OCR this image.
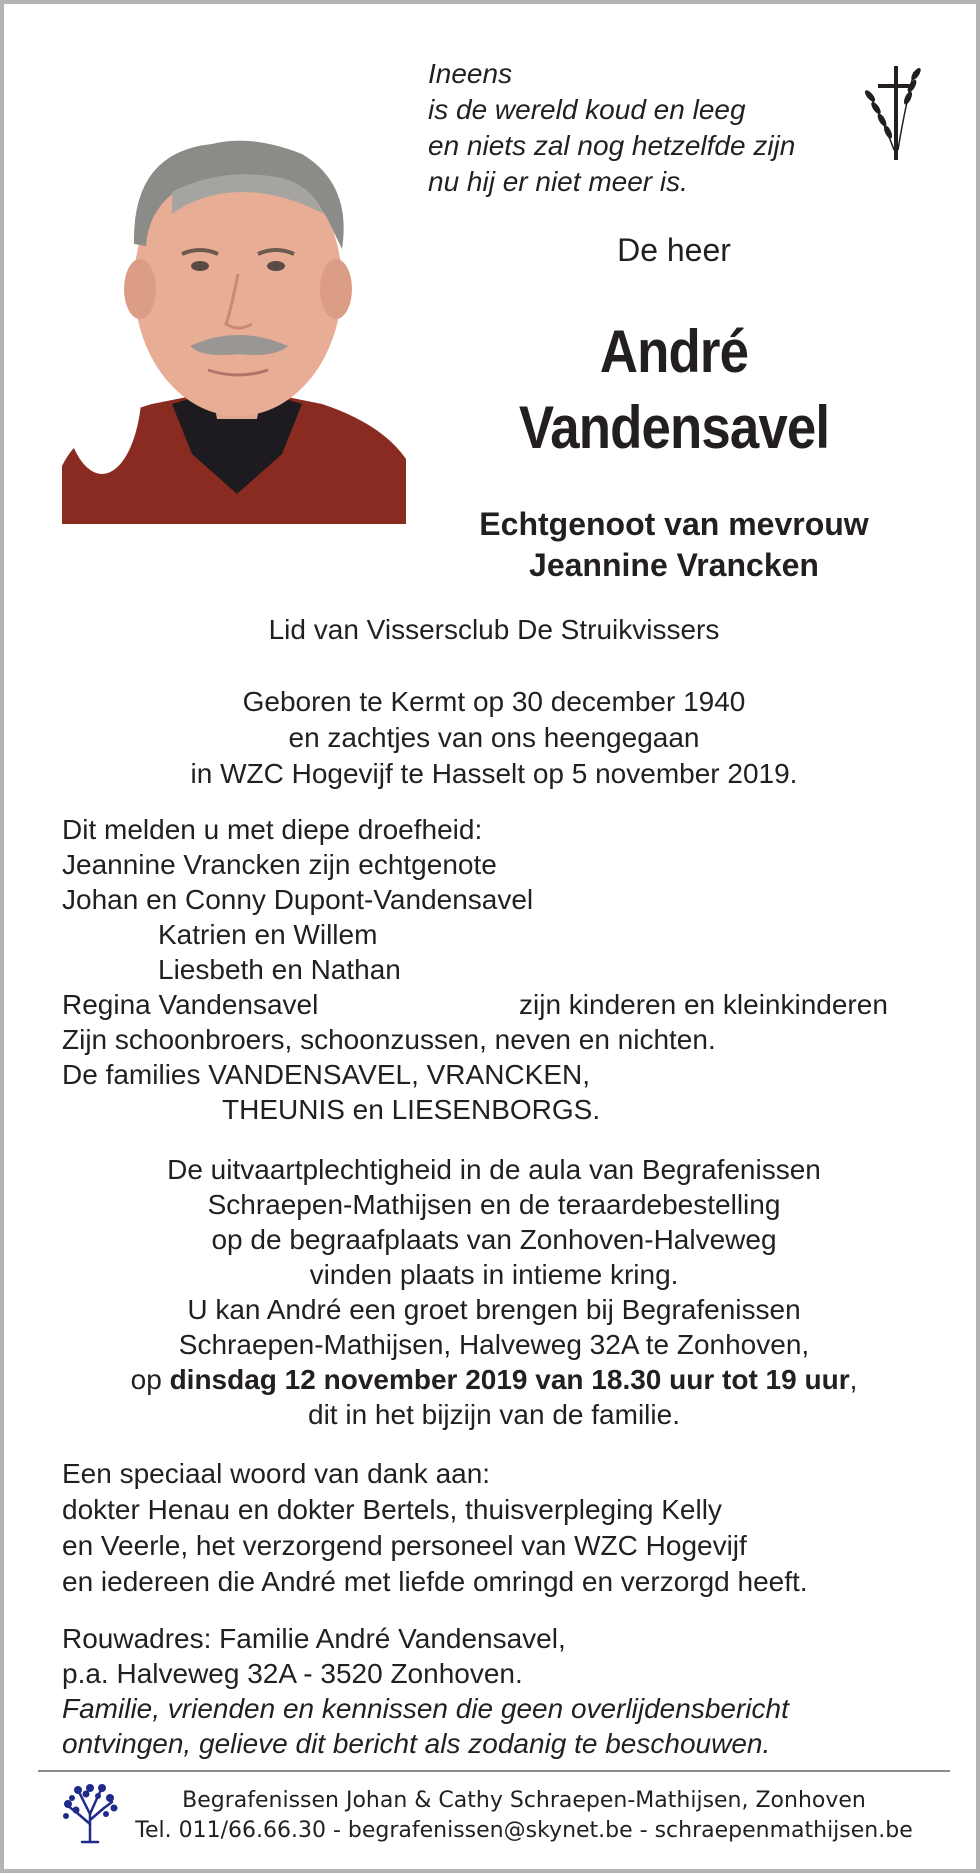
Ineens
is de wereld koud en leeg
en niets zal nog hetzelfde zijn
nu hij er niet meer is.
De heer
André
Vandensavel
Echtgenoot van mevrouw
Jeannine Vrancken
Lid van Vissersclub De Struikvissers
Geboren te Kermt op 30 december 1940
en zachtjes van ons heengegaan
in WZC Hogevijf te Hasselt op 5 november 2019.
Dit melden u met diepe droefheid:
Jeannine Vrancken zijn echtgenote
Johan en Conny Dupont-Vandensavel
Katrien en Willem
Liesbeth en Nathan
Regina Vandensavel	zijn kinderen en kleinkinderen
Zijn schoonbroers, schoonzussen, neven en nichten.
De families VANDENSAVEL, VRANCKEN,
THEUNIS en LIESENBORGS.
De uitvaartplechtigheid in de aula van Begrafenissen
Schraepen-Mathijsen en de teraardebestelling
op de begraafplaats van Zonhoven-Halveweg
vinden plaats in intieme kring.
U kan André een groet brengen bij Begrafenissen
Schraepen-Mathijsen, Halveweg 32A te Zonhoven,
op dinsdag 12 november 2019 van 18.30 uur tot 19 uur,
dit in het bijzijn van de familie.
Een speciaal woord van dank aan:
dokter Henau en dokter Bertels, thuisverpleging Kelly
en Veerle, het verzorgend personeel van WZC Hogevijf
en iedereen die André met liefde omringd en verzorgd heeft.
Rouwadres: Familie André Vandensavel,
p.a. Halveweg 32A - 3520 Zonhoven.
Familie, vrienden en kennissen die geen overlijdensbericht
ontvingen, gelieve dit bericht als zodanig te beschouwen.
Begrafenissen Johan & Cathy Schraepen-Mathijsen, Zonhoven
Tel. 011/66.66.30 - begrafenissen@skynet.be - schraepenmathijsen.be
